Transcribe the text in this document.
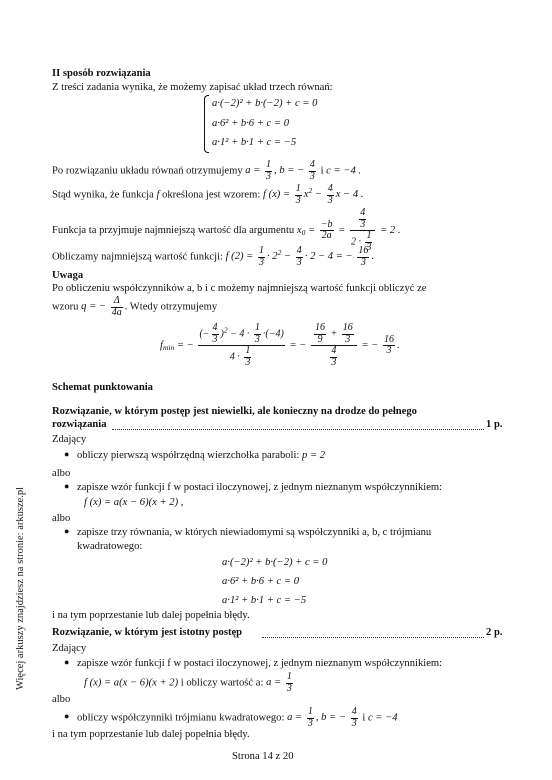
Więcej arkuszy znajdziesz na stronie: arkusze.pl
II sposób rozwiązania
Z treści zadania wynika, że możemy zapisać układ trzech równań:
a·(−2)² + b·(−2) + c = 0
a·6² + b·6 + c = 0
a·1² + b·1 + c = −5
Po rozwiązaniu układu równań otrzymujemy $a = \frac{1}{3}$ , b = − $\frac{4}{3}$ i c = −4 .
Stąd wynika, że funkcja f określona jest wzorem: f $(x) = \frac{1}{3} x^2 - \frac{4}{3}$ x − 4 .
Funkcja ta przyjmuje najmniejszą wartość dla argumentu $x_0 = \frac{-b}{2a} = \frac{\frac{4}{3}}{2 \cdot \frac{1}{3}} = 2$ .
Obliczamy najmniejszą wartość funkcji: f $(2) = \frac{1}{3} \cdot 2^2 - \frac{4}{3} \cdot 2 - 4$ = − $\frac{16}{3}$ .
Uwaga
Po obliczeniu współczynników a, b i c możemy najmniejszą wartość funkcji obliczyć ze
wzoru q = − $\frac{\Delta}{4a}$ . Wtedy otrzymujemy
$f_{min}$ = − $\frac{(- \frac{4}{3} )^2 - 4 \cdot \frac{1}{3} \cdot(-4)}{4 \cdot \frac{1}{3}}$ = − $\frac{\frac{16}{9} + \frac{16}{3}}{\frac{4}{3}}$ = − $\frac{16}{3}$ .
Schemat punktowania
Rozwiązanie, w którym postęp jest niewielki, ale konieczny na drodze do pełnego
rozwiązania	1 p.
Zdający
● obliczy pierwszą współrzędną wierzchołka paraboli: p = 2
albo
● zapisze wzór funkcji f w postaci iloczynowej, z jednym nieznanym współczynnikiem:
f (x) = a(x − 6)(x + 2) ,
albo
● zapisze trzy równania, w których niewiadomymi są współczynniki a, b, c trójmianu
kwadratowego:
a·(−2)² + b·(−2) + c = 0
a·6² + b·6 + c = 0
a·1² + b·1 + c = −5
i na tym poprzestanie lub dalej popełnia błędy.
Rozwiązanie, w którym jest istotny postęp	2 p.
Zdający
● zapisze wzór funkcji f w postaci iloczynowej, z jednym nieznanym współczynnikiem:
f (x) = a(x − 6)(x + 2) i obliczy wartość a: $a = \frac{1}{3}$
albo
● obliczy współczynniki trójmianu kwadratowego: $a = \frac{1}{3}$ , b = − $\frac{4}{3}$ i c = −4
i na tym poprzestanie lub dalej popełnia błędy.
Strona 14 z 20
